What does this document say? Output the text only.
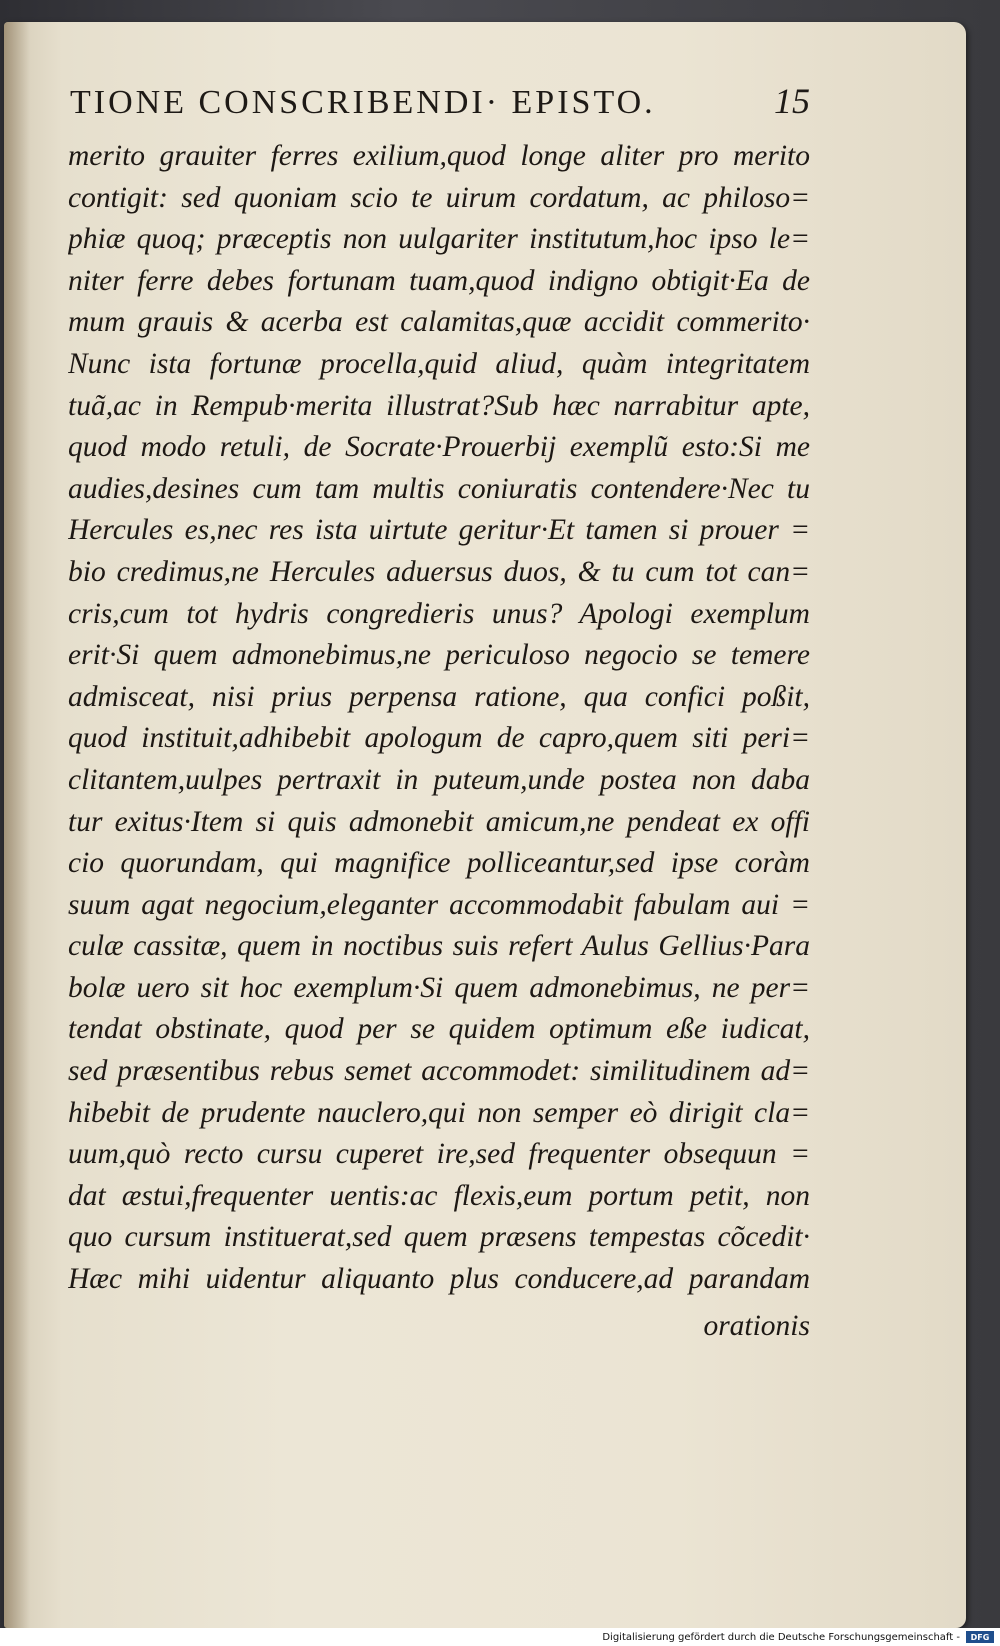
TIONE CONSCRIBENDI· EPISTO.	15
merito grauiter ferres exilium,quod longe aliter pro merito
contigit: sed quoniam scio te uirum cordatum, ac philoso=
phiæ quoq; præceptis non uulgariter institutum,hoc ipso le=
niter ferre debes fortunam tuam,quod indigno obtigit·Ea de
mum grauis & acerba est calamitas,quæ accidit commerito·
Nunc ista fortunæ procella,quid aliud, quàm integritatem
tuã,ac in Rempub·merita illustrat?Sub hæc narrabitur apte,
quod modo retuli, de Socrate·Prouerbij exemplũ esto:Si me
audies,desines cum tam multis coniuratis contendere·Nec tu
Hercules es,nec res ista uirtute geritur·Et tamen si prouer =
bio credimus,ne Hercules aduersus duos, & tu cum tot can=
cris,cum tot hydris congredieris unus? Apologi exemplum
erit·Si quem admonebimus,ne periculoso negocio se temere
admisceat, nisi prius perpensa ratione, qua confici poßit,
quod instituit,adhibebit apologum de capro,quem siti peri=
clitantem,uulpes pertraxit in puteum,unde postea non daba
tur exitus·Item si quis admonebit amicum,ne pendeat ex offi
cio quorundam, qui magnifice polliceantur,sed ipse coràm
suum agat negocium,eleganter accommodabit fabulam aui =
culæ cassitæ, quem in noctibus suis refert Aulus Gellius·Para
bolæ uero sit hoc exemplum·Si quem admonebimus, ne per=
tendat obstinate, quod per se quidem optimum eße iudicat,
sed præsentibus rebus semet accommodet: similitudinem ad=
hibebit de prudente nauclero,qui non semper eò dirigit cla=
uum,quò recto cursu cuperet ire,sed frequenter obsequun =
dat æstui,frequenter uentis:ac flexis,eum portum petit, non
quo cursum instituerat,sed quem præsens tempestas cõcedit·
Hæc mihi uidentur aliquanto plus conducere,ad parandam
orationis
Digitalisierung gefördert durch die Deutsche Forschungsgemeinschaft -	DFG
